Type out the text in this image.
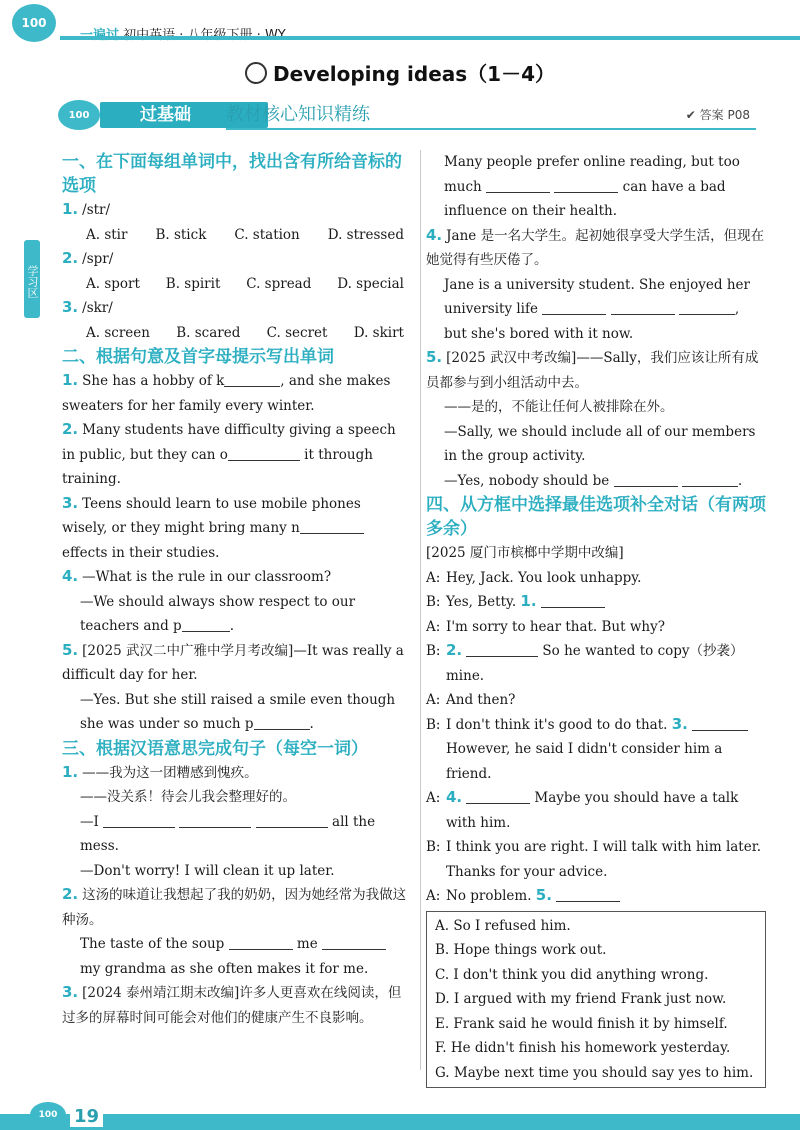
100
Developing ideas（1－4）
过基础
100	教材核心知识精练	✔ 答案 P08
学习区
一、在下面每组单词中，找出含有所给音标的选项
1. /str/
A. stir B. stick C. station D. stressed
2. /spr/
A. sport B. spirit C. spread D. special
3. /skr/
A. screen B. scared C. secret D. skirt
二、根据句意及首字母提示写出单词
1. She has a hobby of k	, and she makes sweaters for her family every winter.
2. Many students have difficulty giving a speech in public, but they can o	it through training.
3. Teens should learn to use mobile phones wisely, or they might bring many n effects in their studies.
4. —What is the rule in our classroom?
—We should always show respect to our teachers and p	.
5. [2025 武汉二中广雅中学月考改编]—It was really a difficult day for her.
—Yes. But she still raised a smile even though she was under so much p	.
三、根据汉语意思完成句子（每空一词）
1. ——我为这一团糟感到愧疚。
——没关系！待会儿我会整理好的。
—I	all the mess.
—Don't worry! I will clean it up later.
2. 这汤的味道让我想起了我的奶奶，因为她经常为我做这种汤。
The taste of the soup	me  my grandma as she often makes it for me.
3. [2024 泰州靖江期末改编]许多人更喜欢在线阅读，但过多的屏幕时间可能会对他们的健康产生不良影响。
Many people prefer online reading, but too much	can have a bad influence on their health.
4. Jane 是一名大学生。起初她很享受大学生活，但现在她觉得有些厌倦了。
Jane is a university student. She enjoyed her university life	, but she's bored with it now.
5. [2025 武汉中考改编]——Sally，我们应该让所有成员都参与到小组活动中去。
——是的，不能让任何人被排除在外。
—Sally, we should include all of our members in the group activity.
—Yes, nobody should be	.
四、从方框中选择最佳选项补全对话（有两项多余）
[2025 厦门市槟榔中学期中改编]
A: Hey, Jack. You look unhappy.
B: Yes, Betty. 1.
A: I'm sorry to hear that. But why?
B: 2.	So he wanted to copy（抄袭）mine.
A: And then?
B: I don't think it's good to do that. 3. However, he said I didn't consider him a friend.
A: 4.	Maybe you should have a talk with him.
B: I think you are right. I will talk with him later. Thanks for your advice.
A: No problem. 5.
A. So I refused him.
B. Hope things work out.
C. I don't think you did anything wrong.
D. I argued with my friend Frank just now.
E. Frank said he would finish it by himself.
F. He didn't finish his homework yesterday.
G. Maybe next time you should say yes to him.
100 19
